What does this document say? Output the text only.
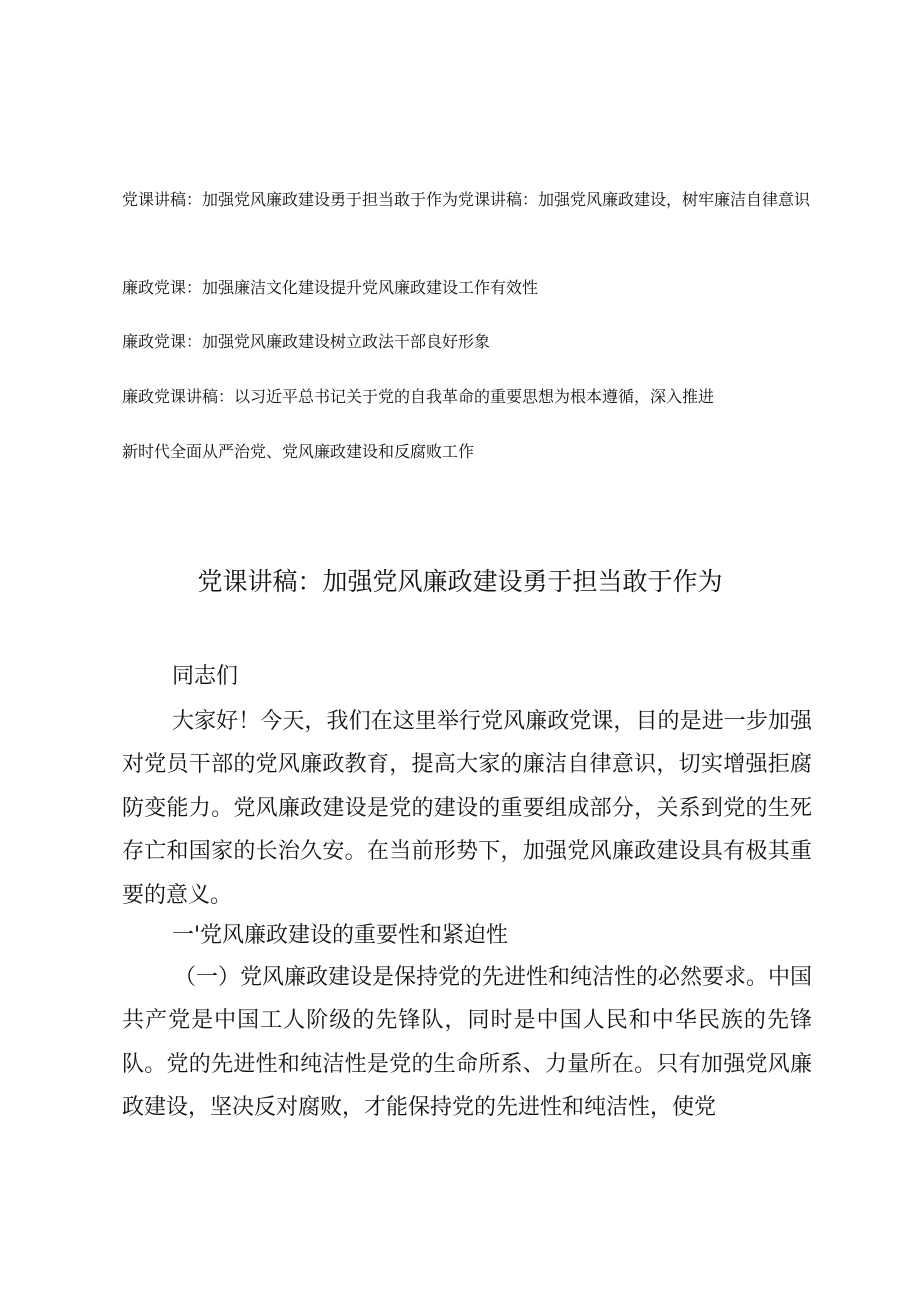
党课讲稿：加强党风廉政建设勇于担当敢于作为党课讲稿：加强党风廉政建设，树牢廉洁自律意识

廉政党课：加强廉洁文化建设提升党风廉政建设工作有效性

廉政党课：加强党风廉政建设树立政法干部良好形象

廉政党课讲稿：以习近平总书记关于党的自我革命的重要思想为根本遵循，深入推进

新时代全面从严治党、党风廉政建设和反腐败工作

党课讲稿：加强党风廉政建设勇于担当敢于作为
同志们

大家好！今天，我们在这里举行党风廉政党课，目的是进一步加强对党员干部的党风廉政教育，提高大家的廉洁自律意识，切实增强拒腐防变能力。党风廉政建设是党的建设的重要组成部分，关系到党的生死存亡和国家的长治久安。在当前形势下，加强党风廉政建设具有极其重要的意义。

一'党风廉政建设的重要性和紧迫性

（一）党风廉政建设是保持党的先进性和纯洁性的必然要求。中国共产党是中国工人阶级的先锋队，同时是中国人民和中华民族的先锋队。党的先进性和纯洁性是党的生命所系、力量所在。只有加强党风廉政建设，坚决反对腐败，才能保持党的先进性和纯洁性，使党
